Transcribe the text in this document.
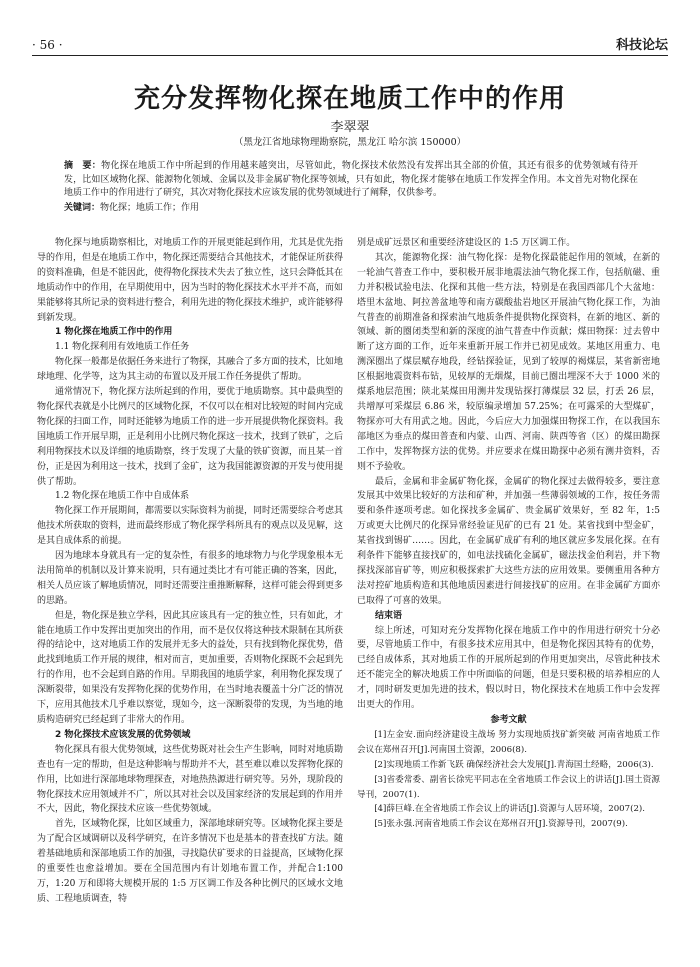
· 56 ·	科技论坛
充分发挥物化探在地质工作中的作用
李翠翠
（黑龙江省地球物理勘察院，黑龙江 哈尔滨 150000）
摘　要：物化探在地质工作中所起到的作用越来越突出，尽管如此，物化探技术依然没有发挥出其全部的价值，其还有很多的优势领域有待开发，比如区域物化探、能源物化领域、金属以及非金属矿物化探等领域，只有如此，物化探才能够在地质工作发挥全作用。本文首先对物化探在地质工作中的作用进行了研究，其次对物化探技术应该发展的优势领域进行了阐释，仅供参考。
关键词：物化探；地质工作；作用

物化探与地质勘察相比，对地质工作的开展更能起到作用，尤其是优先指导的作用，但是在地质工作中，物化探还需要结合其他技术，才能保证所获得的资料准确，但是不能因此，使得物化探技术失去了独立性，这只会降低其在地质动作中的作用，在早期使用中，因为当时的物化探技术水平并不高，而如果能够将其所记录的资料进行整合，利用先进的物化探技术维护，或许能够得到新发现。

1 物化探在地质工作中的作用
1.1 物化探利用有效地质工作任务

物化探一般都是依据任务来进行了物探，其融合了多方面的技术，比如地球地理、化学等，这为其主动的布置以及开展工作任务提供了帮助。

通常情况下，物化探方法所起到的作用，要优于地质勘察。其中最典型的物化探代表就是小比例尺的区域物化探，不仅可以在相对比较短的时间内完成物化探的扫面工作，同时还能够为地质工作的进一步开展提供物化探资料。我国地质工作开展早期，正是利用小比例尺物化探这一技术，找到了铁矿，之后利用物探技术以及详细的地质勘察，终于发现了大量的铁矿资源，而且某一首份，正是因为利用这一技术，找到了金矿，这为我国能源资源的开发与使用提供了帮助。

1.2 物化探在地质工作中自成体系

物化探工作开展期间，都需要以实际资料为前提，同时还需要综合考虑其他技术所获取的资料，进而最终形成了物化探学科所具有的观点以及见解，这是其自成体系的前提。

因为地球本身就具有一定的复杂性，有很多的地球物力与化学现象根本无法用简单的机制以及计算来说明，只有通过类比才有可能正确的答案，因此，相关人员应该了解地质情况，同时还需要注重推断解释，这样可能会得到更多的思路。

但是，物化探是独立学科，因此其应该具有一定的独立性，只有如此，才能在地质工作中发挥出更加突出的作用，而不是仅仅将这种技术限制在其所获得的结论中，这对地质工作的发展并无多大的益处，只有找到物化探优势，借此找到地质工作开展的规律，相对而言，更加重要，否则物化探既不会起到先行的作用，也不会起到自路的作用。早期我国的地质学家，利用物化探发现了深断裂带，如果没有发挥物化探的优势作用，在当时地表覆盖十分广泛的情况下，应用其他技术几乎难以察觉，现如今，这一深断裂带的发现，为当地的地质构造研究已经起到了非常大的作用。

2 物化探技术应该发展的优势领域

物化探具有很大优势领域，这些优势既对社会生产生影响，同时对地质勘查也有一定的帮助，但是这种影响与帮助并不大，甚至难以难以发挥物化探的作用，比如进行深部地球物理探查，对地热热源进行研究等。另外，现阶段的物化探技术应用领域并不广，所以其对社会以及国家经济的发展起到的作用并不大，因此，物化探技术应该一些优势领域。

首先，区域物化探，比如区域重力，深部地球研究等。区域物化探主要是为了配合区域调研以及科学研究，在许多情况下也是基本的普查找矿方法。随着基础地质和深部地质工作的加强，寻找隐伏矿要求的日益提高，区域物化探的重要性也愈益增加。要在全国范围内有计划地布置工作，并配合1:100 万，1:20 万和即将大规模开展的 1:5 万区调工作及各种比例尺的区域水文地质、工程地质调查，特

别是成矿远景区和重要经济建设区的 1:5 万区调工作。

其次，能源物化探：油气物化探：是物化探最能起作用的领域，在新的一轮油气普查工作中，要积极开展非地震法油气物化探工作，包括航磁、重力并积极试验电法、化探和其他一些方法，特别是在我国西部几个大盆地：塔里木盆地、阿拉善盆地等和南方碳酸盐岩地区开展油气物化探工作，为油气普查的前期准备和探索油气地质条件提供物化探资料，在新的地区、新的领域、新的圈闭类型和新的深度的油气普查中作贡献；煤田物探：过去曾中断了这方面的工作，近年来重新开展工作并已初见成效。某地区用重力、电测深圈出了煤层赋存地段，经钻探验证，见到了较厚的褐煤层，某省新密地区根据地震资料布钻，见较厚的无烟煤，目前已圈出埋深不大于 1000 米的煤系地层范围；陕北某煤田用测井发现钻探打薄煤层 32 层，打丢 26 层，共增厚可采煤层 6.86 米，较原编录增加 57.25%；在可露采的大型煤矿，物探亦可大有用武之地。因此，今后应大力加强煤田物探工作，在以我国东部地区为垂点的煤田普查和内蒙、山西、河南、陕西等省（区）的煤田勘探工作中，发挥物探方法的优势。并应要求在煤田勘探中必须有测井资料，否则不予验收。

最后，金属和非金属矿物化探，金属矿的物化探过去做得较多，要注意发展其中效果比较好的方法和矿种，并加强一些薄弱领域的工作，按任务需要和条件逐项考虑。如化探找多金属矿、贵金属矿效果好，至 82 年，1:5 万或更大比例尺的化探异常经验证见矿的已有 21 处。某省找到中型金矿，某省找到锡矿……。因此，在金属矿成矿有利的地区就应多发展化探。在有利条件下能够直接找矿的，如电法找硫化金属矿，磁法找金伯利岩，并下物探找深部盲矿等，则应积极探索扩大这些方法的应用效果。要侧重用各种方法对控矿地质构造和其他地质因素进行间接找矿的应用。在非金属矿方面亦已取得了可喜的效果。

结束语

综上所述，可知对充分发挥物化探在地质工作中的作用进行研究十分必要，尽管地质工作中，有很多技术应用其中，但是物化探因其特有的优势，已经自成体系，其对地质工作的开展所起到的作用更加突出，尽管此种技术还不能完全的解决地质工作中所面临的问题，但是只要积极的培养相应的人才，同时研发更加先进的技术，假以时日，物化探技术在地质工作中会发挥出更大的作用。

参考文献

[1]左金安.面向经济建设主战场 努力实现地质找矿新突破 河南省地质工作会议在郑州召开[J].河南国土资源，2006(8).

[2]实现地质工作新飞跃 确保经济社会大发展[J].青海国土经略，2006(3).

[3]省委常委、副省长徐宪平同志在全省地质工作会议上的讲话[J].国土资源导刊，2007(1).

[4]薛巨峰.在全省地质工作会议上的讲话[J].资源与人居环境，2007(2).

[5]张永强.河南省地质工作会议在郑州召开[J].资源导刊，2007(9).
